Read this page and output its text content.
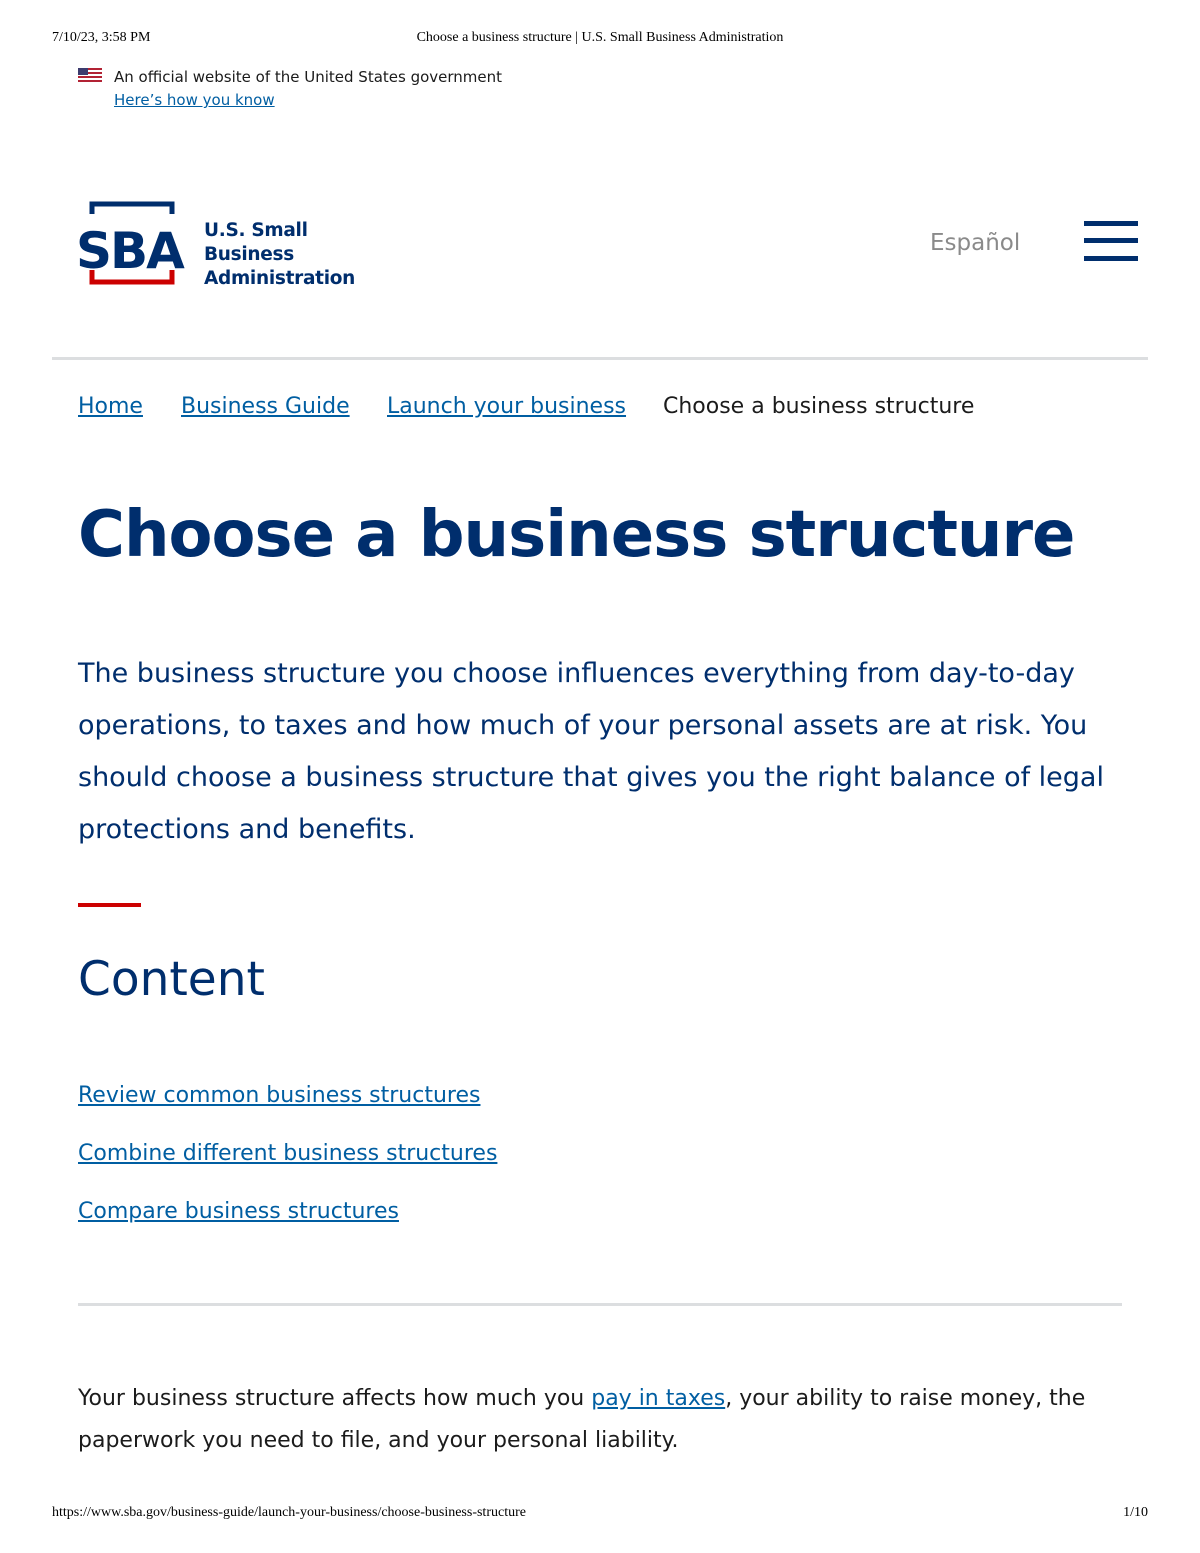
7/10/23, 3:58 PM	Choose a business structure | U.S. Small Business Administration
An official website of the United States government
Here’s how you know
SBA U.S. Small Business
Administration
Español
Home Business Guide Launch your business Choose a business structure
Choose a business structure

The business structure you choose influences everything from day-to-day operations, to taxes and how much of your personal assets are at risk. You should choose a business structure that gives you the right balance of legal protections and benefits.

Content
Review common business structures
Combine different business structures
Compare business structures

Your business structure affects how much you pay in taxes, your ability to raise money, the paperwork you need to file, and your personal liability.

https://www.sba.gov/business-guide/launch-your-business/choose-business-structure	1/10
